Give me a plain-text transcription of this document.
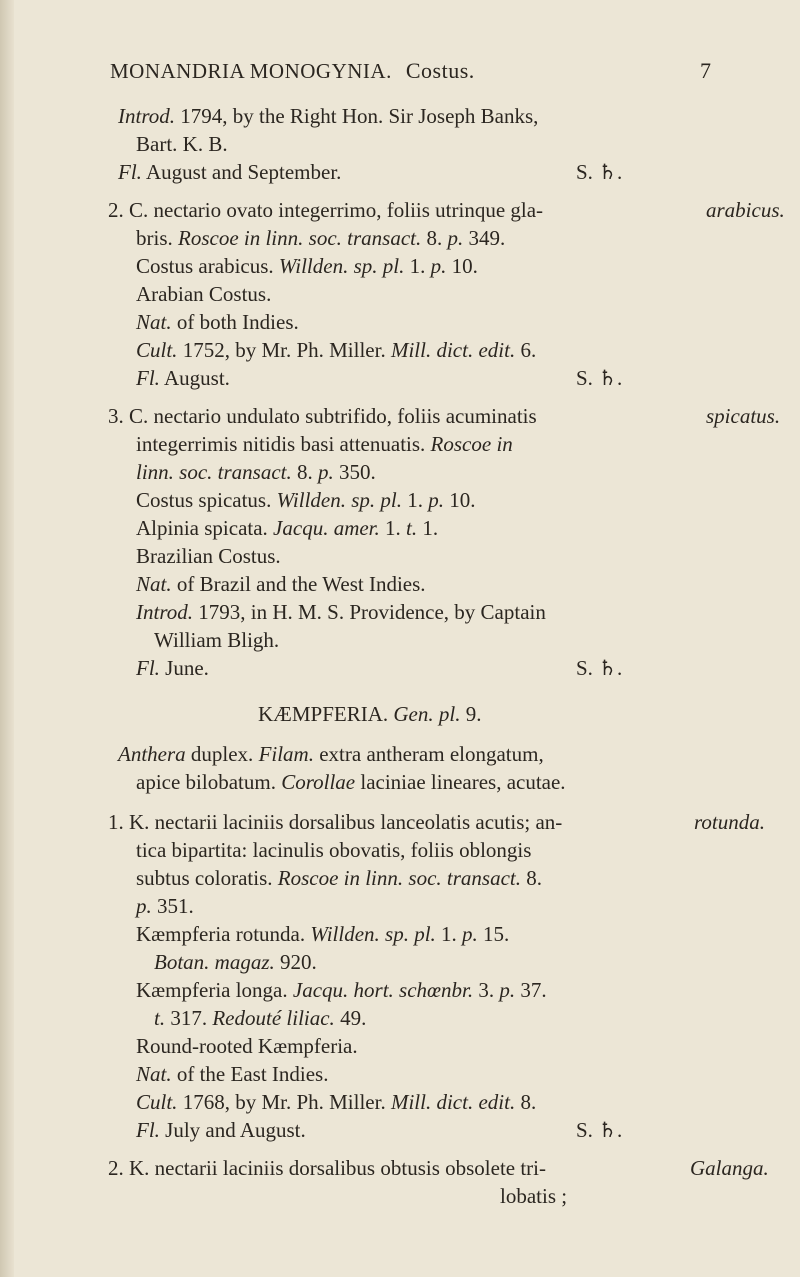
MONANDRIA MONOGYNIA. Costus.	7
Introd. 1794, by the Right Hon. Sir Joseph Banks,
Bart. K. B.
Fl. August and September.	S. ♄.
2. C. nectario ovato integerrimo, foliis utrinque gla-	arabicus.
bris. Roscoe in linn. soc. transact. 8. p. 349.
Costus arabicus. Willden. sp. pl. 1. p. 10.
Arabian Costus.
Nat. of both Indies.
Cult. 1752, by Mr. Ph. Miller. Mill. dict. edit. 6.
Fl. August.	S. ♄.
3. C. nectario undulato subtrifido, foliis acuminatis	spicatus.
integerrimis nitidis basi attenuatis. Roscoe in
linn. soc. transact. 8. p. 350.
Costus spicatus. Willden. sp. pl. 1. p. 10.
Alpinia spicata. Jacqu. amer. 1. t. 1.
Brazilian Costus.
Nat. of Brazil and the West Indies.
Introd. 1793, in H. M. S. Providence, by Captain
William Bligh.
Fl. June.	S. ♄.
KÆMPFERIA. Gen. pl. 9.
Anthera duplex. Filam. extra antheram elongatum,
apice bilobatum. Corollae laciniae lineares, acutae.
1. K. nectarii laciniis dorsalibus lanceolatis acutis; an-	rotunda.
tica bipartita: lacinulis obovatis, foliis oblongis
subtus coloratis. Roscoe in linn. soc. transact. 8.
p. 351.
Kæmpferia rotunda. Willden. sp. pl. 1. p. 15.
Botan. magaz. 920.
Kæmpferia longa. Jacqu. hort. schœnbr. 3. p. 37.
t. 317. Redouté liliac. 49.
Round-rooted Kæmpferia.
Nat. of the East Indies.
Cult. 1768, by Mr. Ph. Miller. Mill. dict. edit. 8.
Fl. July and August.	S. ♄.
2. K. nectarii laciniis dorsalibus obtusis obsolete tri-	Galanga.
lobatis ;
